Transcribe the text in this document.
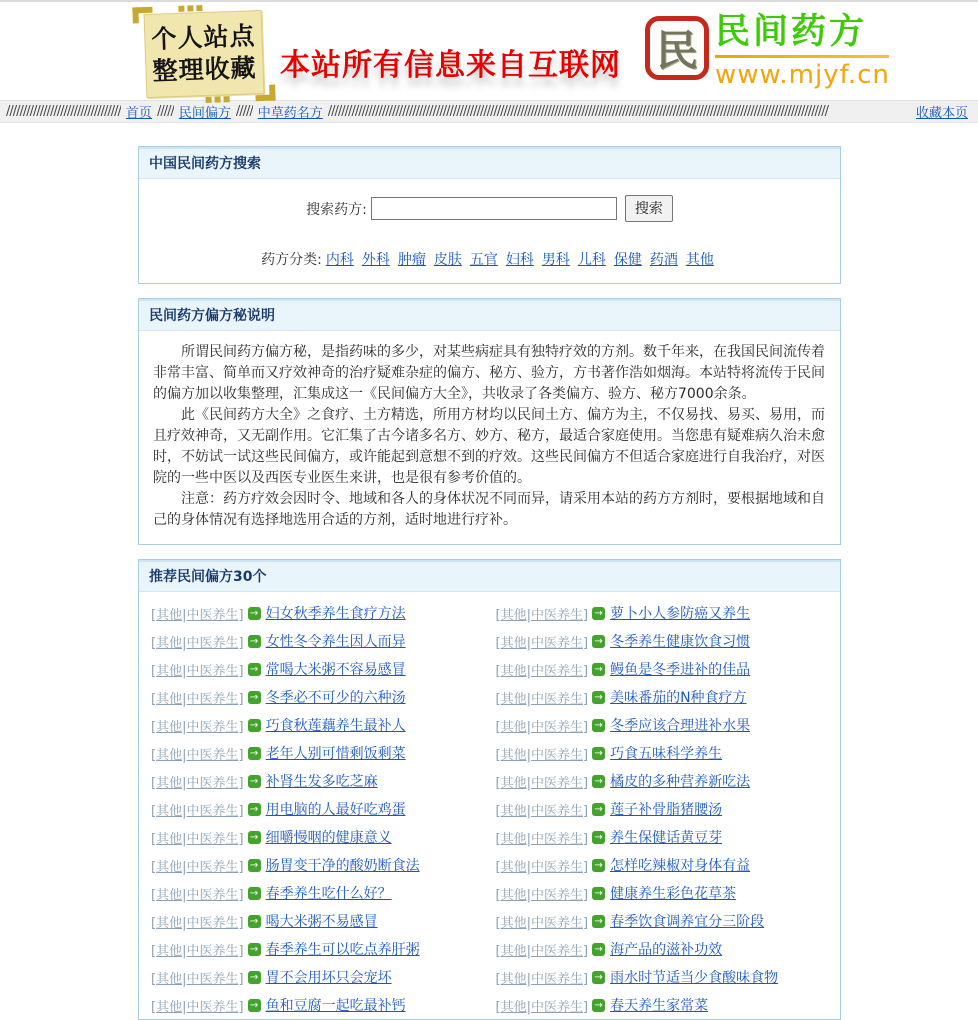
个人站点
整理收藏 本站所有信息来自互联网 民 民间药方
www.mjyf.cn
////////////////////////////////// 首页 ///// 民间偏方 ///// 中草药名方 ////////////////////////////////////////////////////////////////////////////////////////////////////////////////////////////////////////////////////	收藏本页
中国民间药方搜索
搜索药方:	搜索
药方分类: 内科 外科 肿瘤 皮肤 五官 妇科 男科 儿科 保健 药酒 其他
民间药方偏方秘说明

所谓民间药方偏方秘，是指药味的多少，对某些病症具有独特疗效的方剂。数千年来，在我国民间流传着非常丰富、简单而又疗效神奇的治疗疑难杂症的偏方、秘方、验方，方书著作浩如烟海。本站特将流传于民间的偏方加以收集整理，汇集成这一《民间偏方大全》，共收录了各类偏方、验方、秘方7000余条。

此《民间药方大全》之食疗、土方精选，所用方材均以民间土方、偏方为主，不仅易找、易买、易用，而且疗效神奇，又无副作用。它汇集了古今诸多名方、妙方、秘方，最适合家庭使用。当您患有疑难病久治未愈时，不妨试一试这些民间偏方，或许能起到意想不到的疗效。这些民间偏方不但适合家庭进行自我治疗，对医院的一些中医以及西医专业医生来讲，也是很有参考价值的。

注意：药方疗效会因时令、地域和各人的身体状况不同而异，请采用本站的药方方剂时，要根据地域和自己的身体情况有选择地选用合适的方剂，适时地进行疗补。

推荐民间偏方30个
[其他|中医养生] → 妇女秋季养生食疗方法	[其他|中医养生] → 萝卜小人参防癌又养生
[其他|中医养生] → 女性冬令养生因人而异	[其他|中医养生] → 冬季养生健康饮食习惯
[其他|中医养生] → 常喝大米粥不容易感冒	[其他|中医养生] → 鳗鱼是冬季进补的佳品
[其他|中医养生] → 冬季必不可少的六种汤	[其他|中医养生] → 美味番茄的N种食疗方
[其他|中医养生] → 巧食秋莲藕养生最补人	[其他|中医养生] → 冬季应该合理进补水果
[其他|中医养生] → 老年人别可惜剩饭剩菜	[其他|中医养生] → 巧食五味科学养生
[其他|中医养生] → 补肾生发多吃芝麻	[其他|中医养生] → 橘皮的多种营养新吃法
[其他|中医养生] → 用电脑的人最好吃鸡蛋	[其他|中医养生] → 莲子补骨脂猪腰汤
[其他|中医养生] → 细嚼慢咽的健康意义	[其他|中医养生] → 养生保健话黄豆芽
[其他|中医养生] → 肠胃变干净的酸奶断食法	[其他|中医养生] → 怎样吃辣椒对身体有益
[其他|中医养生] → 春季养生吃什么好？	[其他|中医养生] → 健康养生彩色花草茶
[其他|中医养生] → 喝大米粥不易感冒	[其他|中医养生] → 春季饮食调养宜分三阶段
[其他|中医养生] → 春季养生可以吃点养肝粥	[其他|中医养生] → 海产品的滋补功效
[其他|中医养生] → 胃不会用坏只会宠坏	[其他|中医养生] → 雨水时节适当少食酸味食物
[其他|中医养生] → 鱼和豆腐一起吃最补钙	[其他|中医养生] → 春天养生家常菜
